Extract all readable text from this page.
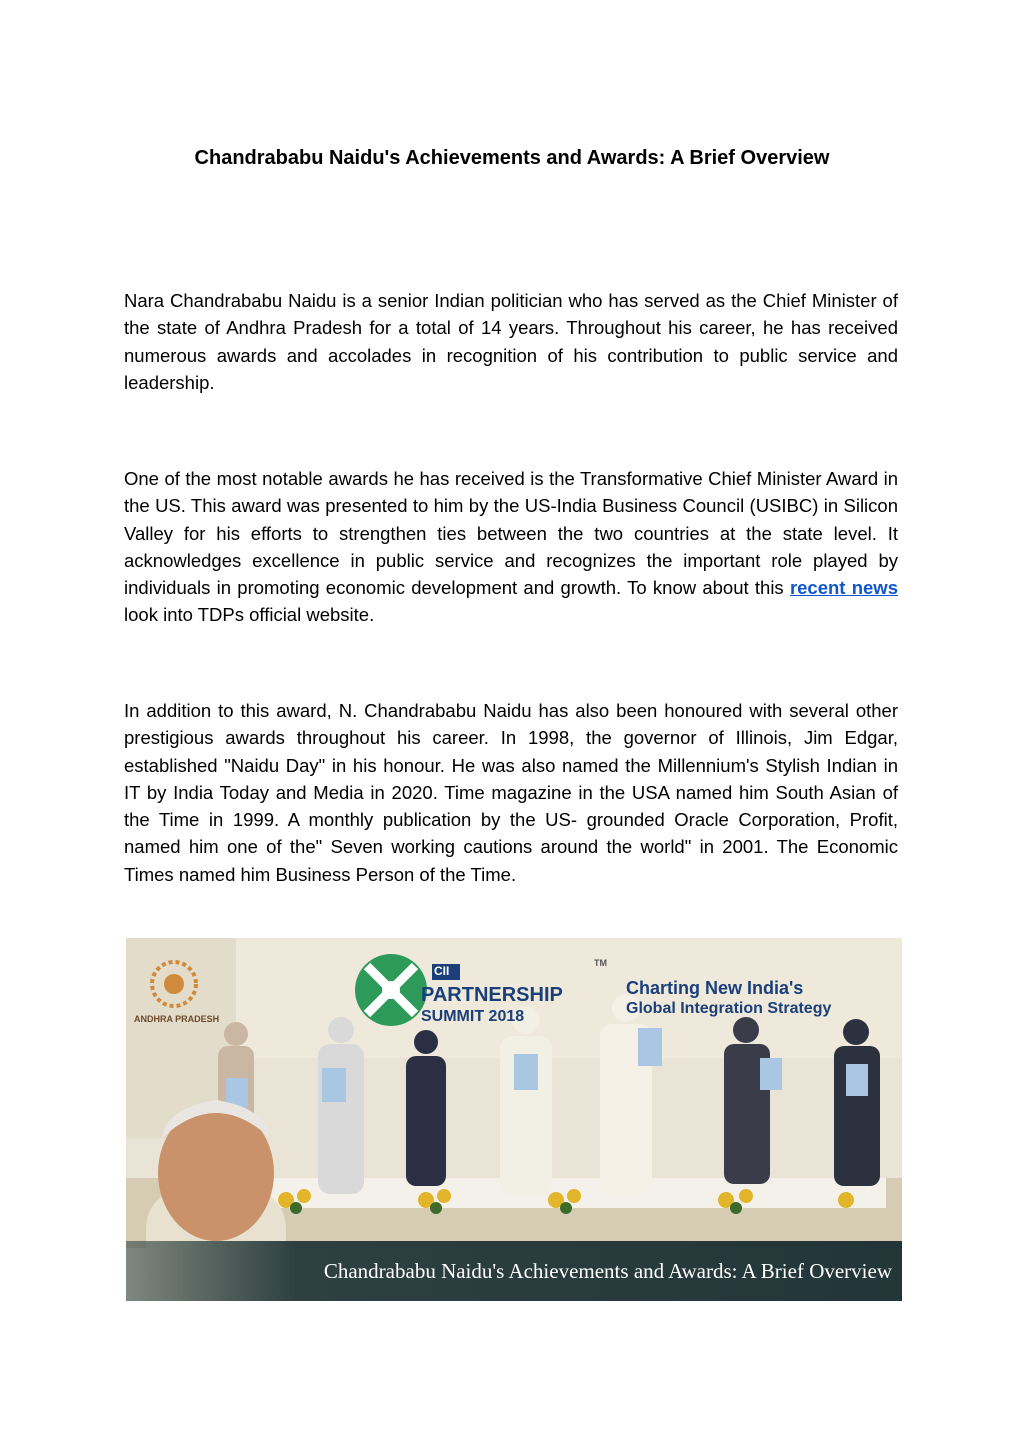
Chandrababu Naidu's Achievements and Awards: A Brief Overview

Nara Chandrababu Naidu is a senior Indian politician who has served as the Chief Minister of the state of Andhra Pradesh for a total of 14 years. Throughout his career, he has received numerous awards and accolades in recognition of his contribution to public service and leadership.

One of the most notable awards he has received is the Transformative Chief Minister Award in the US. This award was presented to him by the US-India Business Council (USIBC) in Silicon Valley for his efforts to strengthen ties between the two countries at the state level. It acknowledges excellence in public service and recognizes the important role played by individuals in promoting economic development and growth. To know about this recent news look into TDPs official website.

In addition to this award, N. Chandrababu Naidu has also been honoured with several other prestigious awards throughout his career. In 1998, the governor of Illinois, Jim Edgar, established "Naidu Day" in his honour. He was also named the Millennium's Stylish Indian in IT by India Today and Media in 2020. Time magazine in the USA named him South Asian of the Time in 1999. A monthly publication by the US- grounded Oracle Corporation, Profit, named him one of the" Seven working cautions around the world" in 2001. The Economic Times named him Business Person of the Time.

PARTNERSHIP
SUMMIT 2018
CII
TM
Charting New India's
Global Integration Strategy
ANDHRA PRADESH
Chandrababu Naidu's Achievements and Awards: A Brief Overview
